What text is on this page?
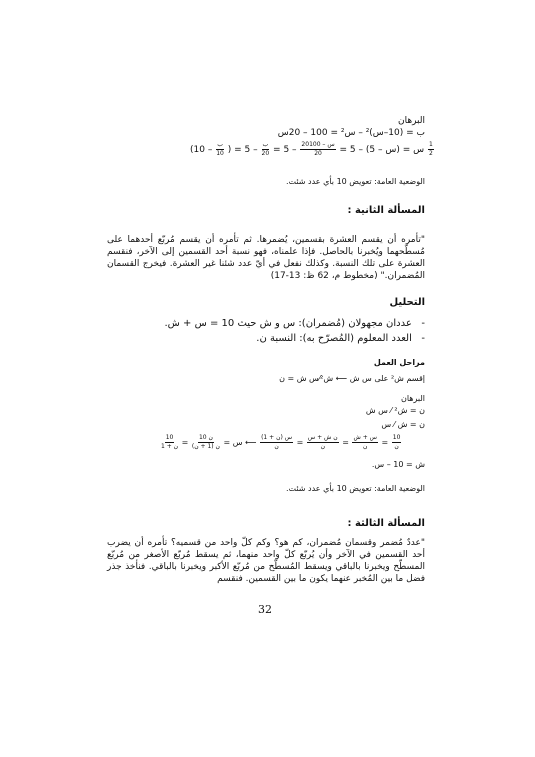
البرهان
ب = (10–س)² – س² = 100 – 20س
س = (س – 5) – 5 =
$\frac{\text{20س – 100}}{20}$
– 5 =
$\frac{\text{ب}}{20}$
– 5 = (
$\frac{\text{ب}}{10}$
– $10) \frac{1}{2}$
الوضعية العامة: تعويض 10 بأي عدد شئت.
المسألة الثانية :
"تأمره أن يقسم العشرة بقسمين، يُضمرها. ثم تأمره أن يقسم مُربّع أحدهما على مُسطّحهما ويُخبرنا بالحاصل. فإذا علمناه، فهو نسبة أحد القسمين إلى الآخر، فنقسم العشرة على تلك النسبة. وكذلك نفعل في أيّ عدد شئنا غير العشرة. فيخرج القسمان المُضمران." (مخطوط م، 62 ظ: 13-17)
التحليل
-   عددان مجهولان (مُضمران): س و ش حيث 10 = س + ش.
-   العدد المعلوم (المُصرّح به): النسبة ن.
مراحل العمل
إقسم ش² على س ش ⟵ ش²⁄س ش = ن
البرهان
ن = ش² ⁄ س ش
ن = ش ⁄ س
$\frac{10}{\text{1 + ن}} = \frac{\text{10 ن}}{\text{ن (1 + ن)}}$ = س ⟵ $\frac{\text{(1 + ن) س}}{\text{ن}} = \frac{\text{ن ش + س}}{\text{ن}} = \frac{\text{س + ش}}{\text{ن}} = \frac{10}{\text{ن}}$
ش = 10 – س.
الوضعية العامة: تعويض 10 بأي عدد شئت.
المسألة الثالثة :
"عددٌ مُضمر وقسمان مُضمران، كم هو؟ وكم كلّ واحد من قسميه؟ تأمره أن يضرب أحد القسمين في الآخر وأن يُربّع كلّ واحد منهما، ثم يسقط مُربّع الأصغر من مُربّع المسطّح ويخبرنا بالباقي ويسقط المُسطّح من مُربّع الأكبر ويخبرنا بالباقي. فنأخذ جذر فضل ما بين المُخبر عنهما يكون ما بين القسمين. فنقسم
32
